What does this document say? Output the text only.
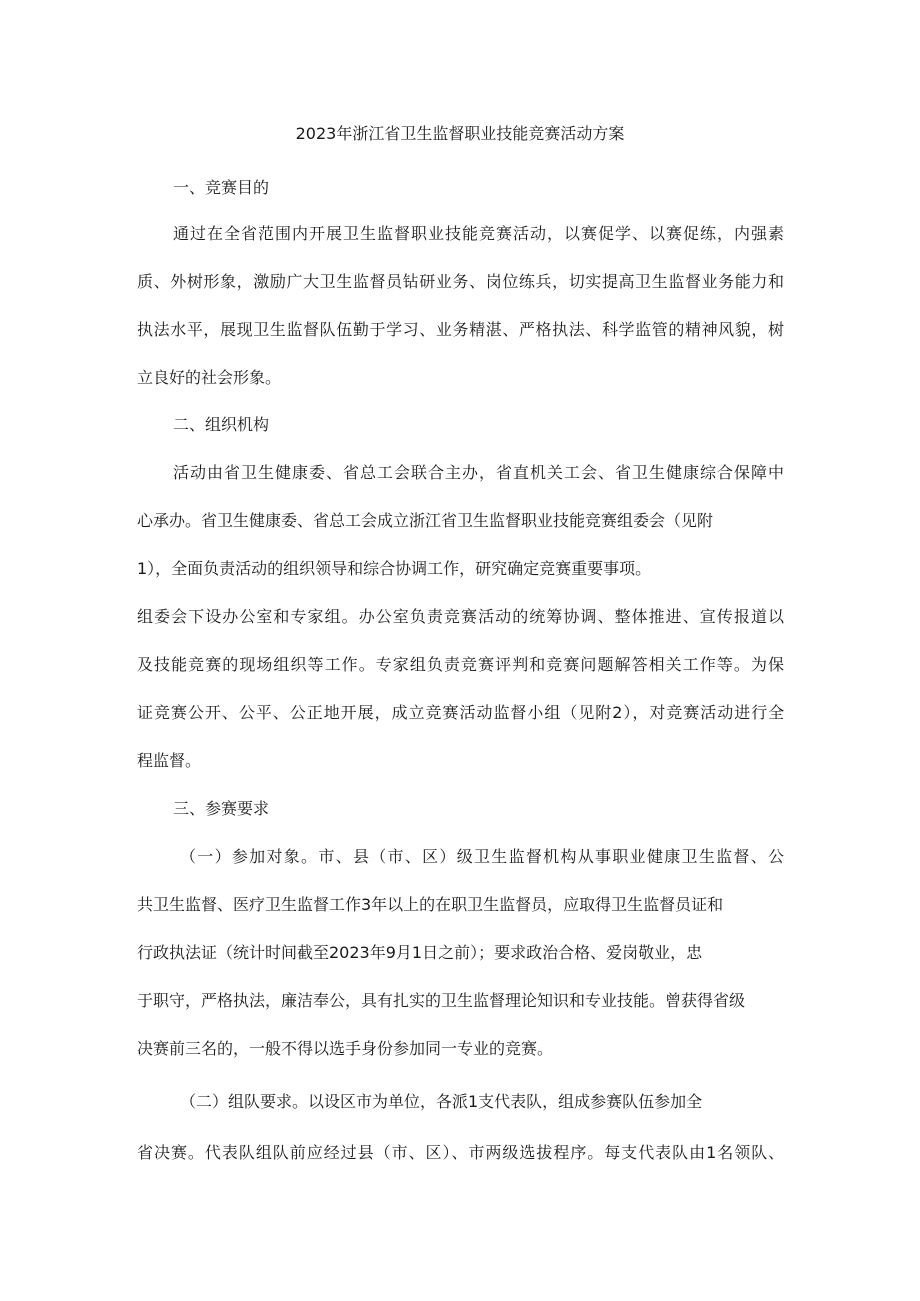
2023年浙江省卫生监督职业技能竞赛活动方案
一、竞赛目的
通过在全省范围内开展卫生监督职业技能竞赛活动，以赛促学、以赛促练，内强素
质、外树形象，激励广大卫生监督员钻研业务、岗位练兵，切实提高卫生监督业务能力和
执法水平，展现卫生监督队伍勤于学习、业务精湛、严格执法、科学监管的精神风貌，树
立良好的社会形象。
二、组织机构
活动由省卫生健康委、省总工会联合主办，省直机关工会、省卫生健康综合保障中
心承办。省卫生健康委、省总工会成立浙江省卫生监督职业技能竞赛组委会（见附
1），全面负责活动的组织领导和综合协调工作，研究确定竞赛重要事项。
组委会下设办公室和专家组。办公室负责竞赛活动的统筹协调、整体推进、宣传报道以
及技能竞赛的现场组织等工作。专家组负责竞赛评判和竞赛问题解答相关工作等。为保
证竞赛公开、公平、公正地开展，成立竞赛活动监督小组（见附2），对竞赛活动进行全
程监督。
三、参赛要求
（一）参加对象。市、县（市、区）级卫生监督机构从事职业健康卫生监督、公
共卫生监督、医疗卫生监督工作3年以上的在职卫生监督员，应取得卫生监督员证和
行政执法证（统计时间截至2023年9月1日之前）；要求政治合格、爱岗敬业，忠
于职守，严格执法，廉洁奉公，具有扎实的卫生监督理论知识和专业技能。曾获得省级
决赛前三名的，一般不得以选手身份参加同一专业的竞赛。
（二）组队要求。以设区市为单位，各派1支代表队，组成参赛队伍参加全
省决赛。代表队组队前应经过县（市、区）、市两级选拔程序。每支代表队由1名领队、
